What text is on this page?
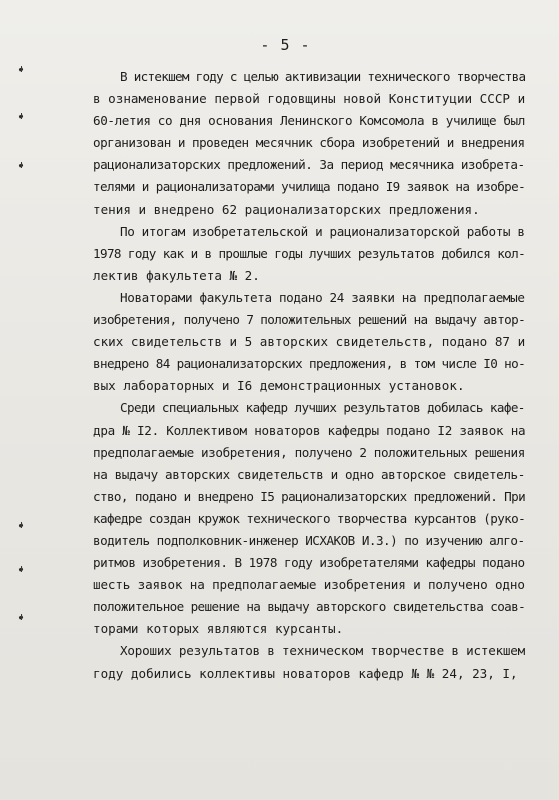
- 5 -
В истекшем году с целью активизации технического творчества
в ознаменование первой годовщины новой Конституции СССР и
60-летия со дня основания Ленинского Комсомола в училище был
организован и проведен месячник сбора изобретений и внедрения
рационализаторских предложений. За период месячника изобрета-
телями и рационализаторами училища подано I9 заявок на изобре-
тения и внедрено 62 рационализаторских предложения.
По итогам изобретательской и рационализаторской работы в
1978 году как и в прошлые годы лучших результатов добился кол-
лектив факультета № 2.
Новаторами факультета подано 24 заявки на предполагаемые
изобретения, получено 7 положительных решений на выдачу автор-
ских свидетельств и 5 авторских свидетельств, подано 87 и
внедрено 84 рационализаторских предложения, в том числе I0 но-
вых лабораторных и I6 демонстрационных установок.
Среди специальных кафедр лучших результатов добилась кафе-
дра № I2. Коллективом новаторов кафедры подано I2 заявок на
предполагаемые изобретения, получено 2 положительных решения
на выдачу авторских свидетельств и одно авторское свидетель-
ство, подано и внедрено I5 рационализаторских предложений. При
кафедре создан кружок технического творчества курсантов (руко-
водитель подполковник-инженер ИСХАКОВ И.З.) по изучению алго-
ритмов изобретения. В 1978 году изобретателями кафедры подано
шесть заявок на предполагаемые изобретения и получено одно
положительное решение на выдачу авторского свидетельства соав-
торами которых являются курсанты.
Хороших результатов в техническом творчестве в истекшем
году добились коллективы новаторов кафедр № № 24, 23, I,
